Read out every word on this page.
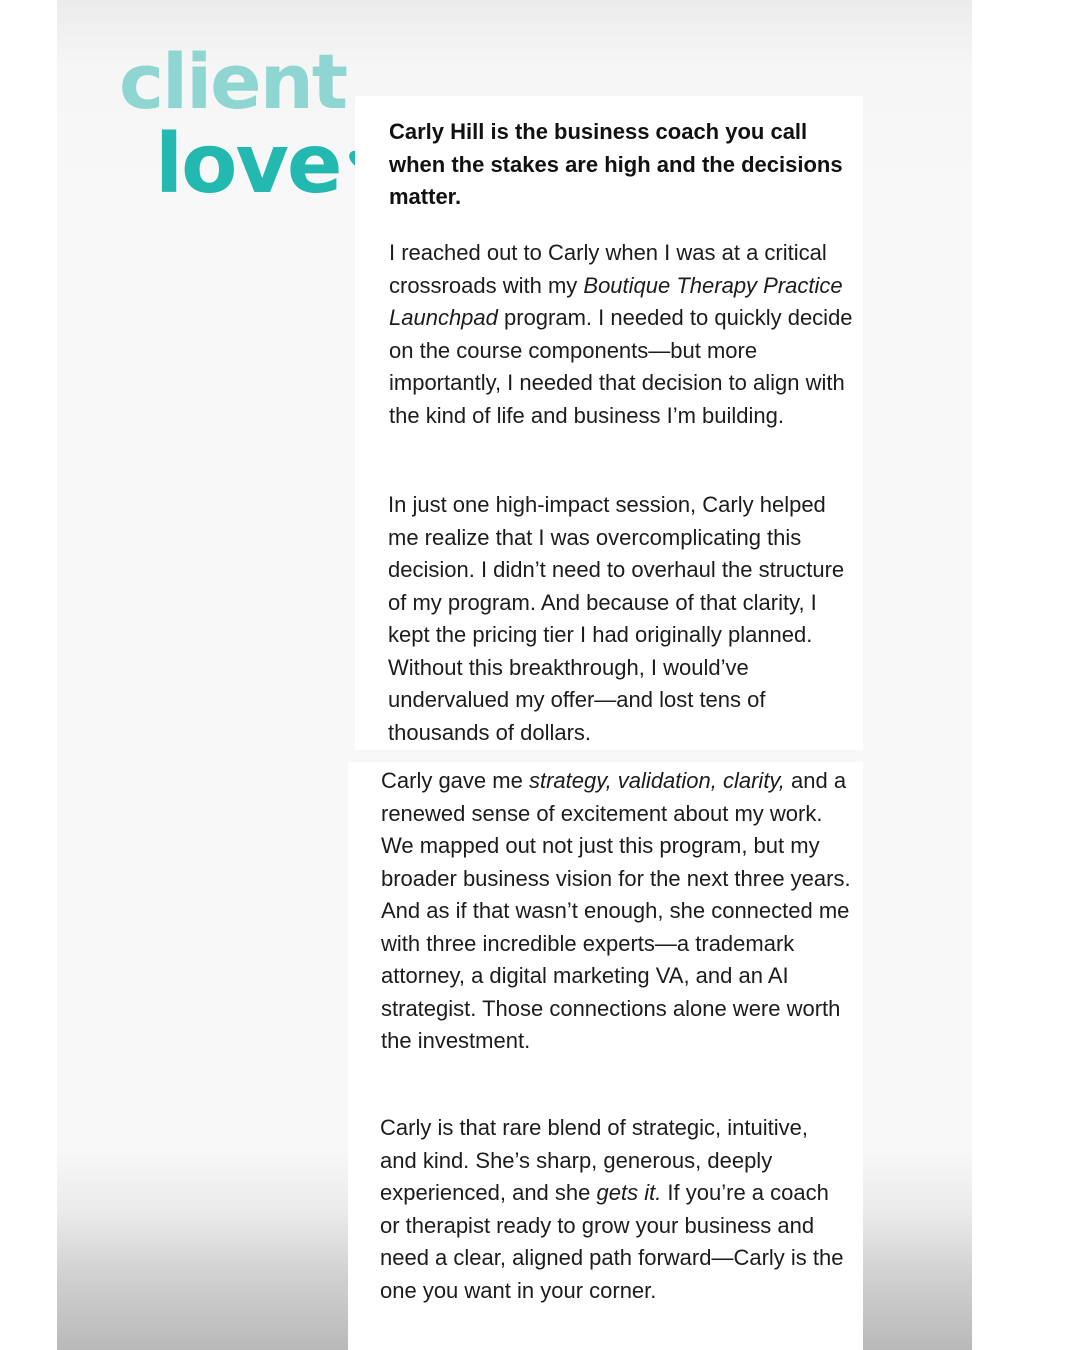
client
love	Carly Hill is the business coach you call when the stakes are high and the decisions matter.

I reached out to Carly when I was at a critical crossroads with my Boutique Therapy Practice Launchpad program. I needed to quickly decide on the course components—but more importantly, I needed that decision to align with the kind of life and business I’m building.

In just one high-impact session, Carly helped me realize that I was overcomplicating this decision. I didn’t need to overhaul the structure of my program. And because of that clarity, I kept the pricing tier I had originally planned. Without this breakthrough, I would’ve undervalued my offer—and lost tens of thousands of dollars.

Carly gave me strategy, validation, clarity, and a renewed sense of excitement about my work. We mapped out not just this program, but my broader business vision for the next three years. And as if that wasn’t enough, she connected me with three incredible experts—a trademark attorney, a digital marketing VA, and an AI strategist. Those connections alone were worth the investment.

Carly is that rare blend of strategic, intuitive, and kind. She’s sharp, generous, deeply experienced, and she gets it. If you’re a coach or therapist ready to grow your business and need a clear, aligned path forward—Carly is the one you want in your corner.
